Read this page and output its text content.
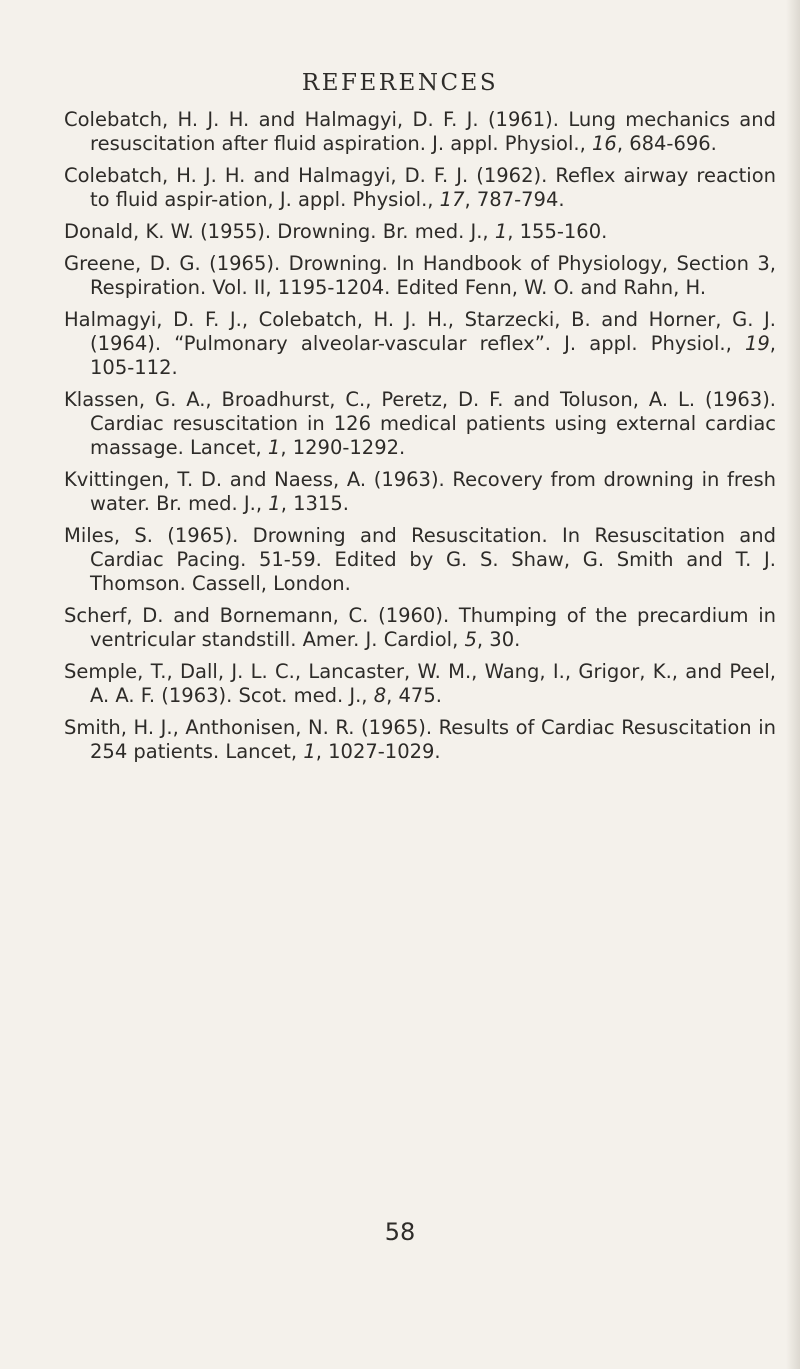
REFERENCES
Colebatch, H. J. H. and Halmagyi, D. F. J. (1961). Lung mechanics and resuscitation after fluid aspiration. J. appl. Physiol., 16, 684-696.
Colebatch, H. J. H. and Halmagyi, D. F. J. (1962). Reflex airway reaction to fluid aspir-ation, J. appl. Physiol., 17, 787-794.
Donald, K. W. (1955). Drowning. Br. med. J., 1, 155-160.
Greene, D. G. (1965). Drowning. In Handbook of Physiology, Section 3, Respiration. Vol. II, 1195-1204. Edited Fenn, W. O. and Rahn, H.
Halmagyi, D. F. J., Colebatch, H. J. H., Starzecki, B. and Horner, G. J. (1964). “Pulmonary alveolar-vascular reflex”. J. appl. Physiol., 19, 105-112.
Klassen, G. A., Broadhurst, C., Peretz, D. F. and Toluson, A. L. (1963). Cardiac resuscitation in 126 medical patients using external cardiac massage. Lancet, 1, 1290-1292.
Kvittingen, T. D. and Naess, A. (1963). Recovery from drowning in fresh water. Br. med. J., 1, 1315.
Miles, S. (1965). Drowning and Resuscitation. In Resuscitation and Cardiac Pacing. 51-59. Edited by G. S. Shaw, G. Smith and T. J. Thomson. Cassell, London.
Scherf, D. and Bornemann, C. (1960). Thumping of the precardium in ventricular standstill. Amer. J. Cardiol, 5, 30.
Semple, T., Dall, J. L. C., Lancaster, W. M., Wang, I., Grigor, K., and Peel, A. A. F. (1963). Scot. med. J., 8, 475.
Smith, H. J., Anthonisen, N. R. (1965). Results of Cardiac Resuscitation in 254 patients. Lancet, 1, 1027-1029.
58
